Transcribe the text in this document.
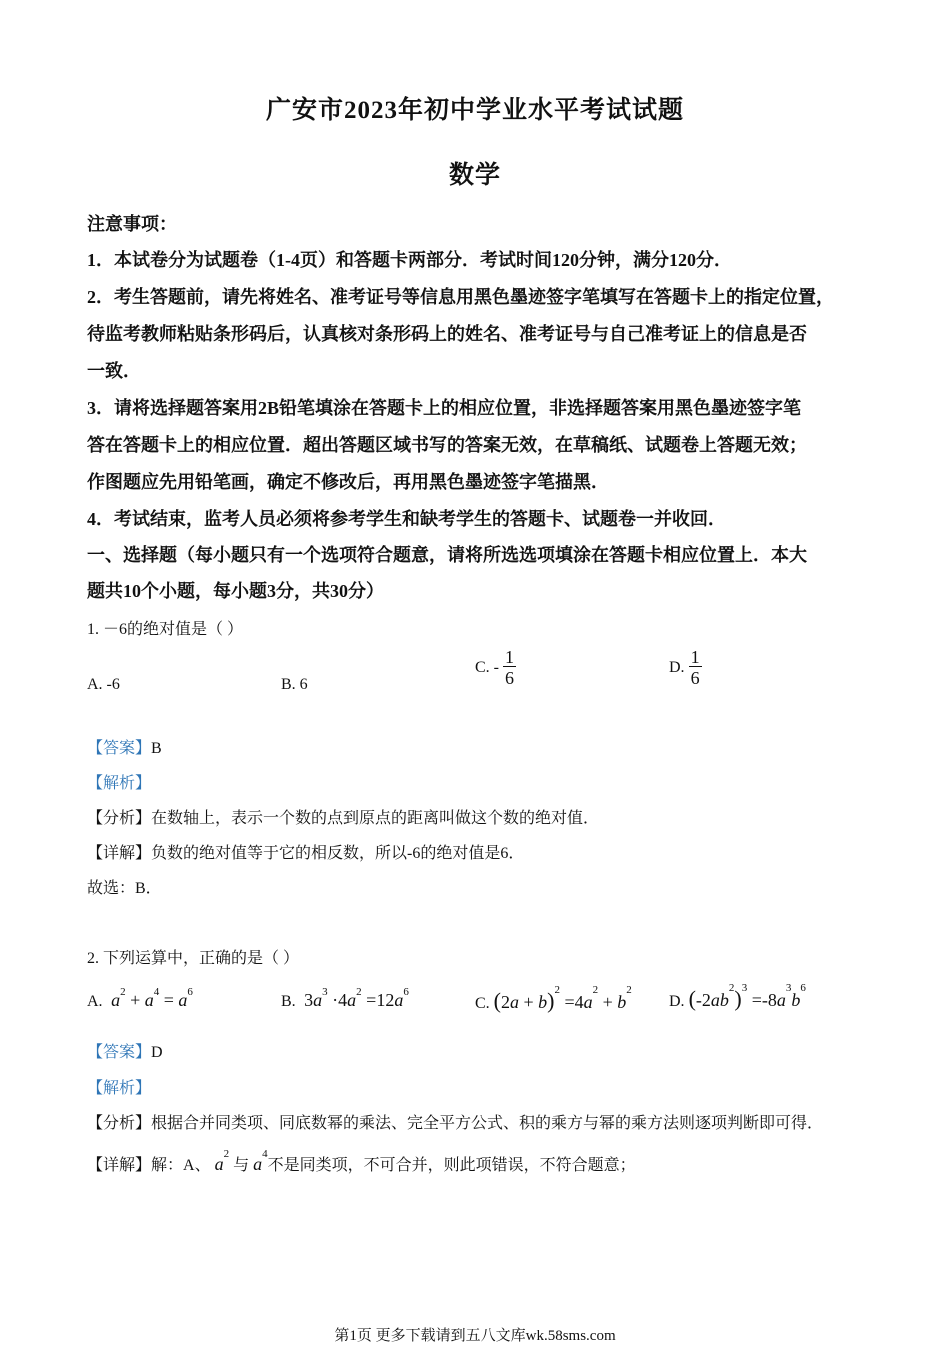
广安市2023年初中学业水平考试试题
数学
注意事项：
1．本试卷分为试题卷（1-4页）和答题卡两部分．考试时间120分钟，满分120分．
2．考生答题前，请先将姓名、准考证号等信息用黑色墨迹签字笔填写在答题卡上的指定位置，
待监考教师粘贴条形码后，认真核对条形码上的姓名、准考证号与自己准考证上的信息是否
一致．
3．请将选择题答案用2B铅笔填涂在答题卡上的相应位置，非选择题答案用黑色墨迹签字笔
答在答题卡上的相应位置．超出答题区域书写的答案无效，在草稿纸、试题卷上答题无效；
作图题应先用铅笔画，确定不修改后，再用黑色墨迹签字笔描黑．
4．考试结束，监考人员必须将参考学生和缺考学生的答题卡、试题卷一并收回．
一、选择题（每小题只有一个选项符合题意，请将所选选项填涂在答题卡相应位置上．本大
题共10个小题，每小题3分，共30分）
1. －6的绝对值是（ ）
A. -6	B. 6
C. - $\frac{1}{6}$	D. $\frac{1}{6}$
【答案】B
【解析】
【分析】在数轴上，表示一个数的点到原点的距离叫做这个数的绝对值．
【详解】负数的绝对值等于它的相反数，所以-6的绝对值是6．
故选：B．
2. 下列运算中，正确的是（ ）
A.  $a^2 + a^4 = a^6$
B. $3a^3 \cdot 4a^2 =12a^6$
C. $(2a + b)^2 =4a^2 + b^2$
D. $(-2ab^2)^3 =-8a^3b^6$
【答案】D
【解析】
【分析】根据合并同类项、同底数幂的乘法、完全平方公式、积的乘方与幂的乘方法则逐项判断即可得．
【详解】解：A、 $a^2$ 与 $a^4$不是同类项，不可合并，则此项错误，不符合题意；
第1页 更多下载请到五八文库wk.58sms.com
